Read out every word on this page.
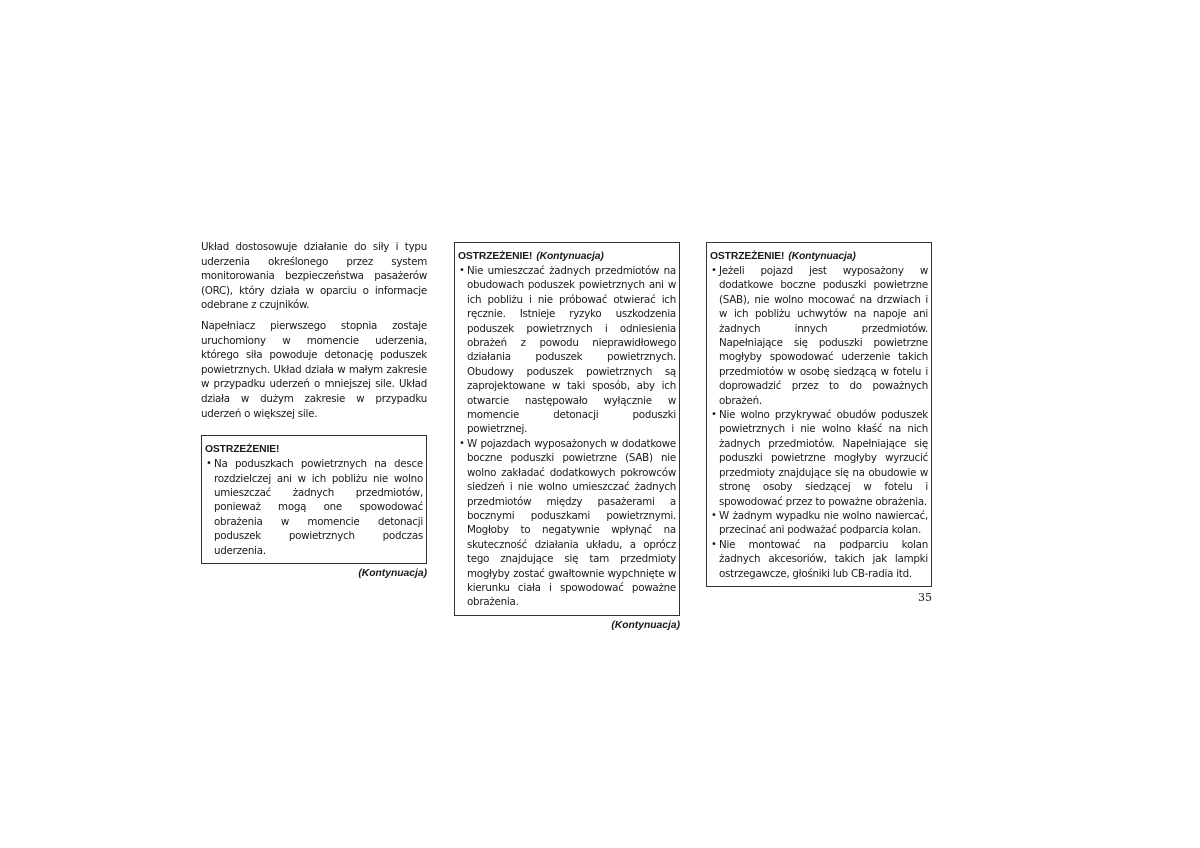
Układ dostosowuje działanie do siły i typu uderzenia określonego przez system monitorowania bezpieczeństwa pasażerów (ORC), który działa w oparciu o informacje odebrane z czujników.

Napełniacz pierwszego stopnia zostaje uruchomiony w momencie uderzenia, którego siła powoduje detonację poduszek powietrznych. Układ działa w małym zakresie w przypadku uderzeń o mniejszej sile. Układ działa w dużym zakresie w przypadku uderzeń o większej sile.

OSTRZEŻENIE!
• Na poduszkach powietrznych na desce rozdzielczej ani w ich pobliżu nie wolno umieszczać żadnych przedmiotów, ponieważ mogą one spowodować obrażenia w momencie detonacji poduszek powietrznych podczas uderzenia.
(Kontynuacja)
OSTRZEŻENIE! (Kontynuacja)
• Nie umieszczać żadnych przedmiotów na obudowach poduszek powietrznych ani w ich pobliżu i nie próbować otwierać ich ręcznie. Istnieje ryzyko uszkodzenia poduszek powietrznych i odniesienia obrażeń z powodu nieprawidłowego działania poduszek powietrznych. Obudowy poduszek powietrznych są zaprojektowane w taki sposób, aby ich otwarcie następowało wyłącznie w momencie detonacji poduszki powietrznej.
• W pojazdach wyposażonych w dodatkowe boczne poduszki powietrzne (SAB) nie wolno zakładać dodatkowych pokrowców siedzeń i nie wolno umieszczać żadnych przedmiotów między pasażerami a bocznymi poduszkami powietrznymi. Mogłoby to negatywnie wpłynąć na skuteczność działania układu, a oprócz tego znajdujące się tam przedmioty mogłyby zostać gwałtownie wypchnięte w kierunku ciała i spowodować poważne obrażenia.
(Kontynuacja)
OSTRZEŻENIE! (Kontynuacja)
• Jeżeli pojazd jest wyposażony w dodatkowe boczne poduszki powietrzne (SAB), nie wolno mocować na drzwiach i w ich pobliżu uchwytów na napoje ani żadnych innych przedmiotów. Napełniające się poduszki powietrzne mogłyby spowodować uderzenie takich przedmiotów w osobę siedzącą w fotelu i doprowadzić przez to do poważnych obrażeń.
• Nie wolno przykrywać obudów poduszek powietrznych i nie wolno kłaść na nich żadnych przedmiotów. Napełniające się poduszki powietrzne mogłyby wyrzucić przedmioty znajdujące się na obudowie w stronę osoby siedzącej w fotelu i spowodować przez to poważne obrażenia.
• W żadnym wypadku nie wolno nawiercać, przecinać ani podważać podparcia kolan.
• Nie montować na podparciu kolan żadnych akcesoriów, takich jak lampki ostrzegawcze, głośniki lub CB-radia itd.
35
